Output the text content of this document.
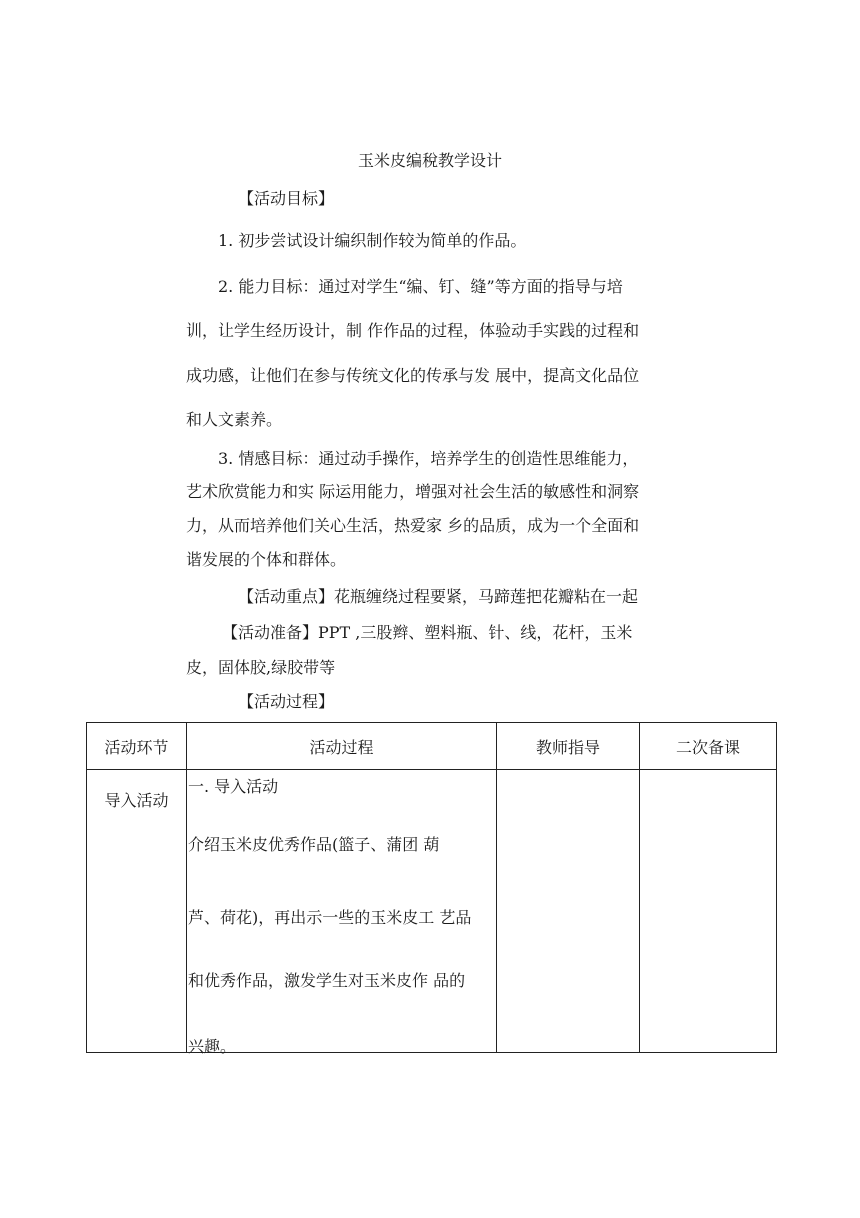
玉米皮编稅教学设计
【活动目标】
1. 初步尝试设计编织制作较为简单的作品。
2. 能力目标：通过对学生“编、钉、缝”等方面的指导与培
训，让学生经历设计，制 作作品的过程，体验动手实践的过程和
成功感，让他们在参与传统文化的传承与发 展中，提高文化品位
和人文素养。
3. 情感目标：通过动手操作，培养学生的创造性思维能力，
艺术欣赏能力和实 际运用能力，增强对社会生活的敏感性和洞察
力，从而培养他们关心生活，热爱家 乡的品质，成为一个全面和
谐发展的个体和群体。
【活动重点】花瓶缠绕过程要紧，马蹄莲把花瓣粘在一起
【活动准备】PPT ,三股辫、塑料瓶、针、线，花杆，玉米
皮，固体胶,绿胶带等
【活动过程】
活动环节	活动过程	教师指导	二次备课
导入活动	一. 导入活动
介绍玉米皮优秀作品(篮子、蒲团 葫
芦、荷花)，再出示一些的玉米皮工 艺品
和优秀作品，激发学生对玉米皮作 品的
兴趣。		
